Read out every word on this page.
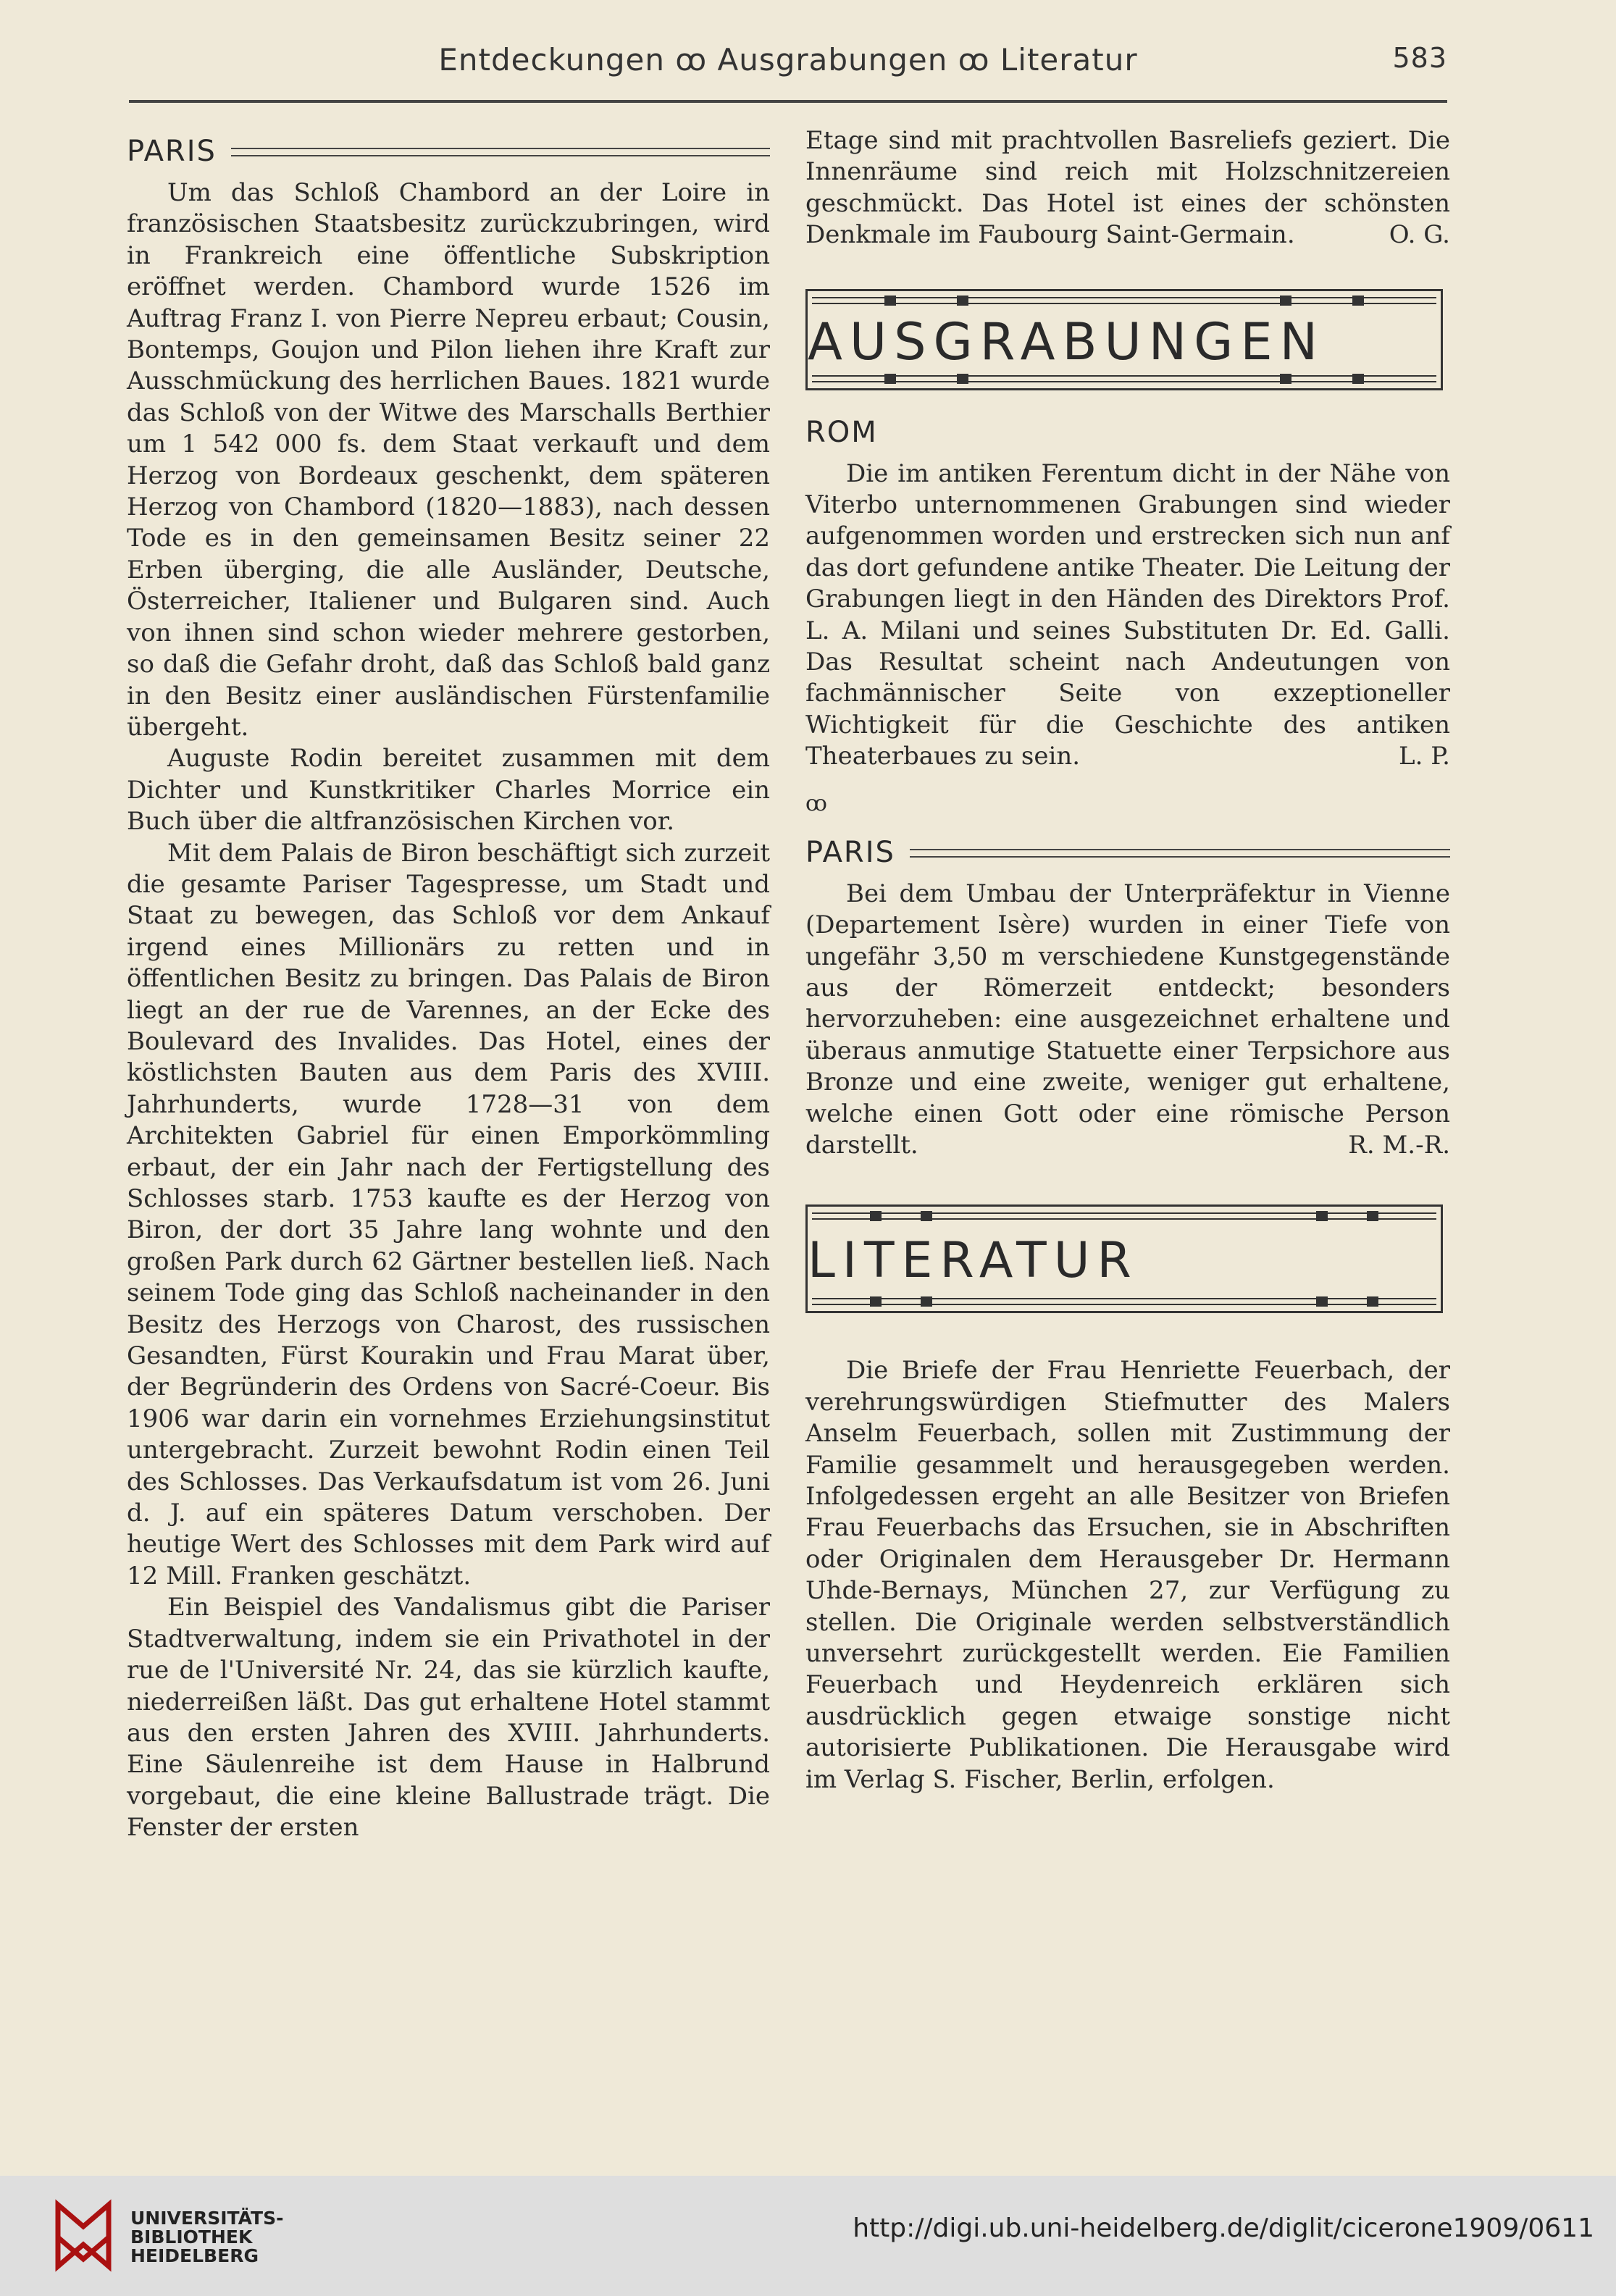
Entdeckungen ꝏ Ausgrabungen ꝏ Literatur	583
PARIS

Um das Schloß Chambord an der Loire in französischen Staatsbesitz zurückzubringen, wird in Frankreich eine öffentliche Subskription eröffnet werden. Chambord wurde 1526 im Auftrag Franz I. von Pierre Nepreu erbaut; Cousin, Bontemps, Goujon und Pilon liehen ihre Kraft zur Ausschmückung des herrlichen Baues. 1821 wurde das Schloß von der Witwe des Marschalls Berthier um 1 542 000 fs. dem Staat verkauft und dem Herzog von Bordeaux geschenkt, dem späteren Herzog von Chambord (1820—1883), nach dessen Tode es in den gemeinsamen Besitz seiner 22 Erben überging, die alle Ausländer, Deutsche, Österreicher, Italiener und Bulgaren sind. Auch von ihnen sind schon wieder mehrere gestorben, so daß die Gefahr droht, daß das Schloß bald ganz in den Besitz einer ausländischen Fürstenfamilie übergeht.

Auguste Rodin bereitet zusammen mit dem Dichter und Kunstkritiker Charles Morrice ein Buch über die altfranzösischen Kirchen vor.

Mit dem Palais de Biron beschäftigt sich zurzeit die gesamte Pariser Tagespresse, um Stadt und Staat zu bewegen, das Schloß vor dem Ankauf irgend eines Millionärs zu retten und in öffentlichen Besitz zu bringen. Das Palais de Biron liegt an der rue de Varennes, an der Ecke des Boulevard des Invalides. Das Hotel, eines der köstlichsten Bauten aus dem Paris des XVIII. Jahrhunderts, wurde 1728—31 von dem Architekten Gabriel für einen Emporkömmling erbaut, der ein Jahr nach der Fertigstellung des Schlosses starb. 1753 kaufte es der Herzog von Biron, der dort 35 Jahre lang wohnte und den großen Park durch 62 Gärtner bestellen ließ. Nach seinem Tode ging das Schloß nacheinander in den Besitz des Herzogs von Charost, des russischen Gesandten, Fürst Kourakin und Frau Marat über, der Begründerin des Ordens von Sacré-Coeur. Bis 1906 war darin ein vornehmes Erziehungsinstitut untergebracht. Zurzeit bewohnt Rodin einen Teil des Schlosses. Das Verkaufsdatum ist vom 26. Juni d. J. auf ein späteres Datum verschoben. Der heutige Wert des Schlosses mit dem Park wird auf 12 Mill. Franken geschätzt.

Ein Beispiel des Vandalismus gibt die Pariser Stadtverwaltung, indem sie ein Privathotel in der rue de l'Université Nr. 24, das sie kürzlich kaufte, niederreißen läßt. Das gut erhaltene Hotel stammt aus den ersten Jahren des XVIII. Jahrhunderts. Eine Säulenreihe ist dem Hause in Halbrund vorgebaut, die eine kleine Ballustrade trägt. Die Fenster der ersten

Etage sind mit prachtvollen Basreliefs geziert. Die Innenräume sind reich mit Holzschnitzereien geschmückt. Das Hotel ist eines der schönsten Denkmale im Faubourg Saint-Germain.	O. G.

AUSGRABUNGEN
ROM

Die im antiken Ferentum dicht in der Nähe von Viterbo unternommenen Grabungen sind wieder aufgenommen worden und erstrecken sich nun anf das dort gefundene antike Theater. Die Leitung der Grabungen liegt in den Händen des Direktors Prof. L. A. Milani und seines Substituten Dr. Ed. Galli. Das Resultat scheint nach Andeutungen von fachmännischer Seite von exzeptioneller Wichtigkeit für die Geschichte des antiken Theaterbaues zu sein.	L. P.

ꝏ
PARIS

Bei dem Umbau der Unterpräfektur in Vienne (Departement Isère) wurden in einer Tiefe von ungefähr 3,50 m verschiedene Kunstgegenstände aus der Römerzeit entdeckt; besonders hervorzuheben: eine ausgezeichnet erhaltene und überaus anmutige Statuette einer Terpsichore aus Bronze und eine zweite, weniger gut erhaltene, welche einen Gott oder eine römische Person darstellt.	R. M.-R.

LITERATUR

Die Briefe der Frau Henriette Feuerbach, der verehrungswürdigen Stiefmutter des Malers Anselm Feuerbach, sollen mit Zustimmung der Familie gesammelt und herausgegeben werden. Infolgedessen ergeht an alle Besitzer von Briefen Frau Feuerbachs das Ersuchen, sie in Abschriften oder Originalen dem Herausgeber Dr. Hermann Uhde-Bernays, München 27, zur Verfügung zu stellen. Die Originale werden selbstverständlich unversehrt zurückgestellt werden. Eie Familien Feuerbach und Heydenreich erklären sich ausdrücklich gegen etwaige sonstige nicht autorisierte Publikationen. Die Herausgabe wird im Verlag S. Fischer, Berlin, erfolgen.

UNIVERSITÄTS-
BIBLIOTHEK
HEIDELBERG
http://digi.ub.uni-heidelberg.de/diglit/cicerone1909/0611
